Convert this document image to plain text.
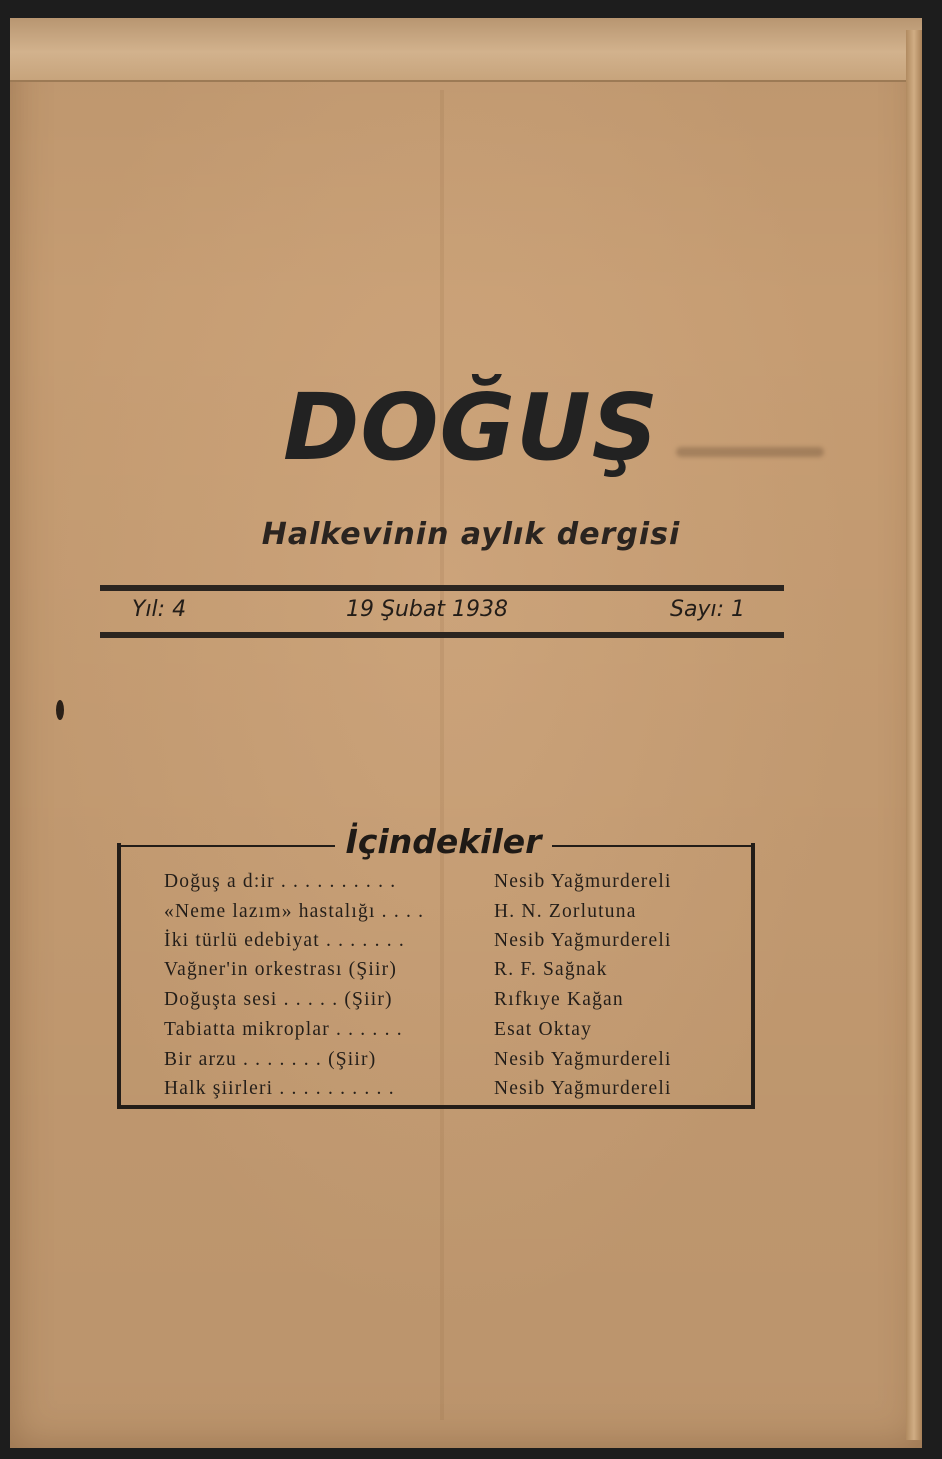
DOĞUŞ
Halkevinin aylık dergisi
Yıl: 4	19 Şubat 1938	Sayı: 1
İçindekiler
Doğuş a d:ir . . . . . . . . . .	Nesib Yağmurdereli
«Neme lazım» hastalığı . . . .	H. N. Zorlutuna
İki türlü edebiyat . . . . . . .	Nesib Yağmurdereli
Vağner'in orkestrası (Şiir)	R. F. Sağnak
Doğuşta sesi . . . . . (Şiir)	Rıfkıye Kağan
Tabiatta mikroplar . . . . . .	Esat Oktay
Bir arzu . . . . . . . (Şiir)	Nesib Yağmurdereli
Halk şiirleri . . . . . . . . . .	Nesib Yağmurdereli
